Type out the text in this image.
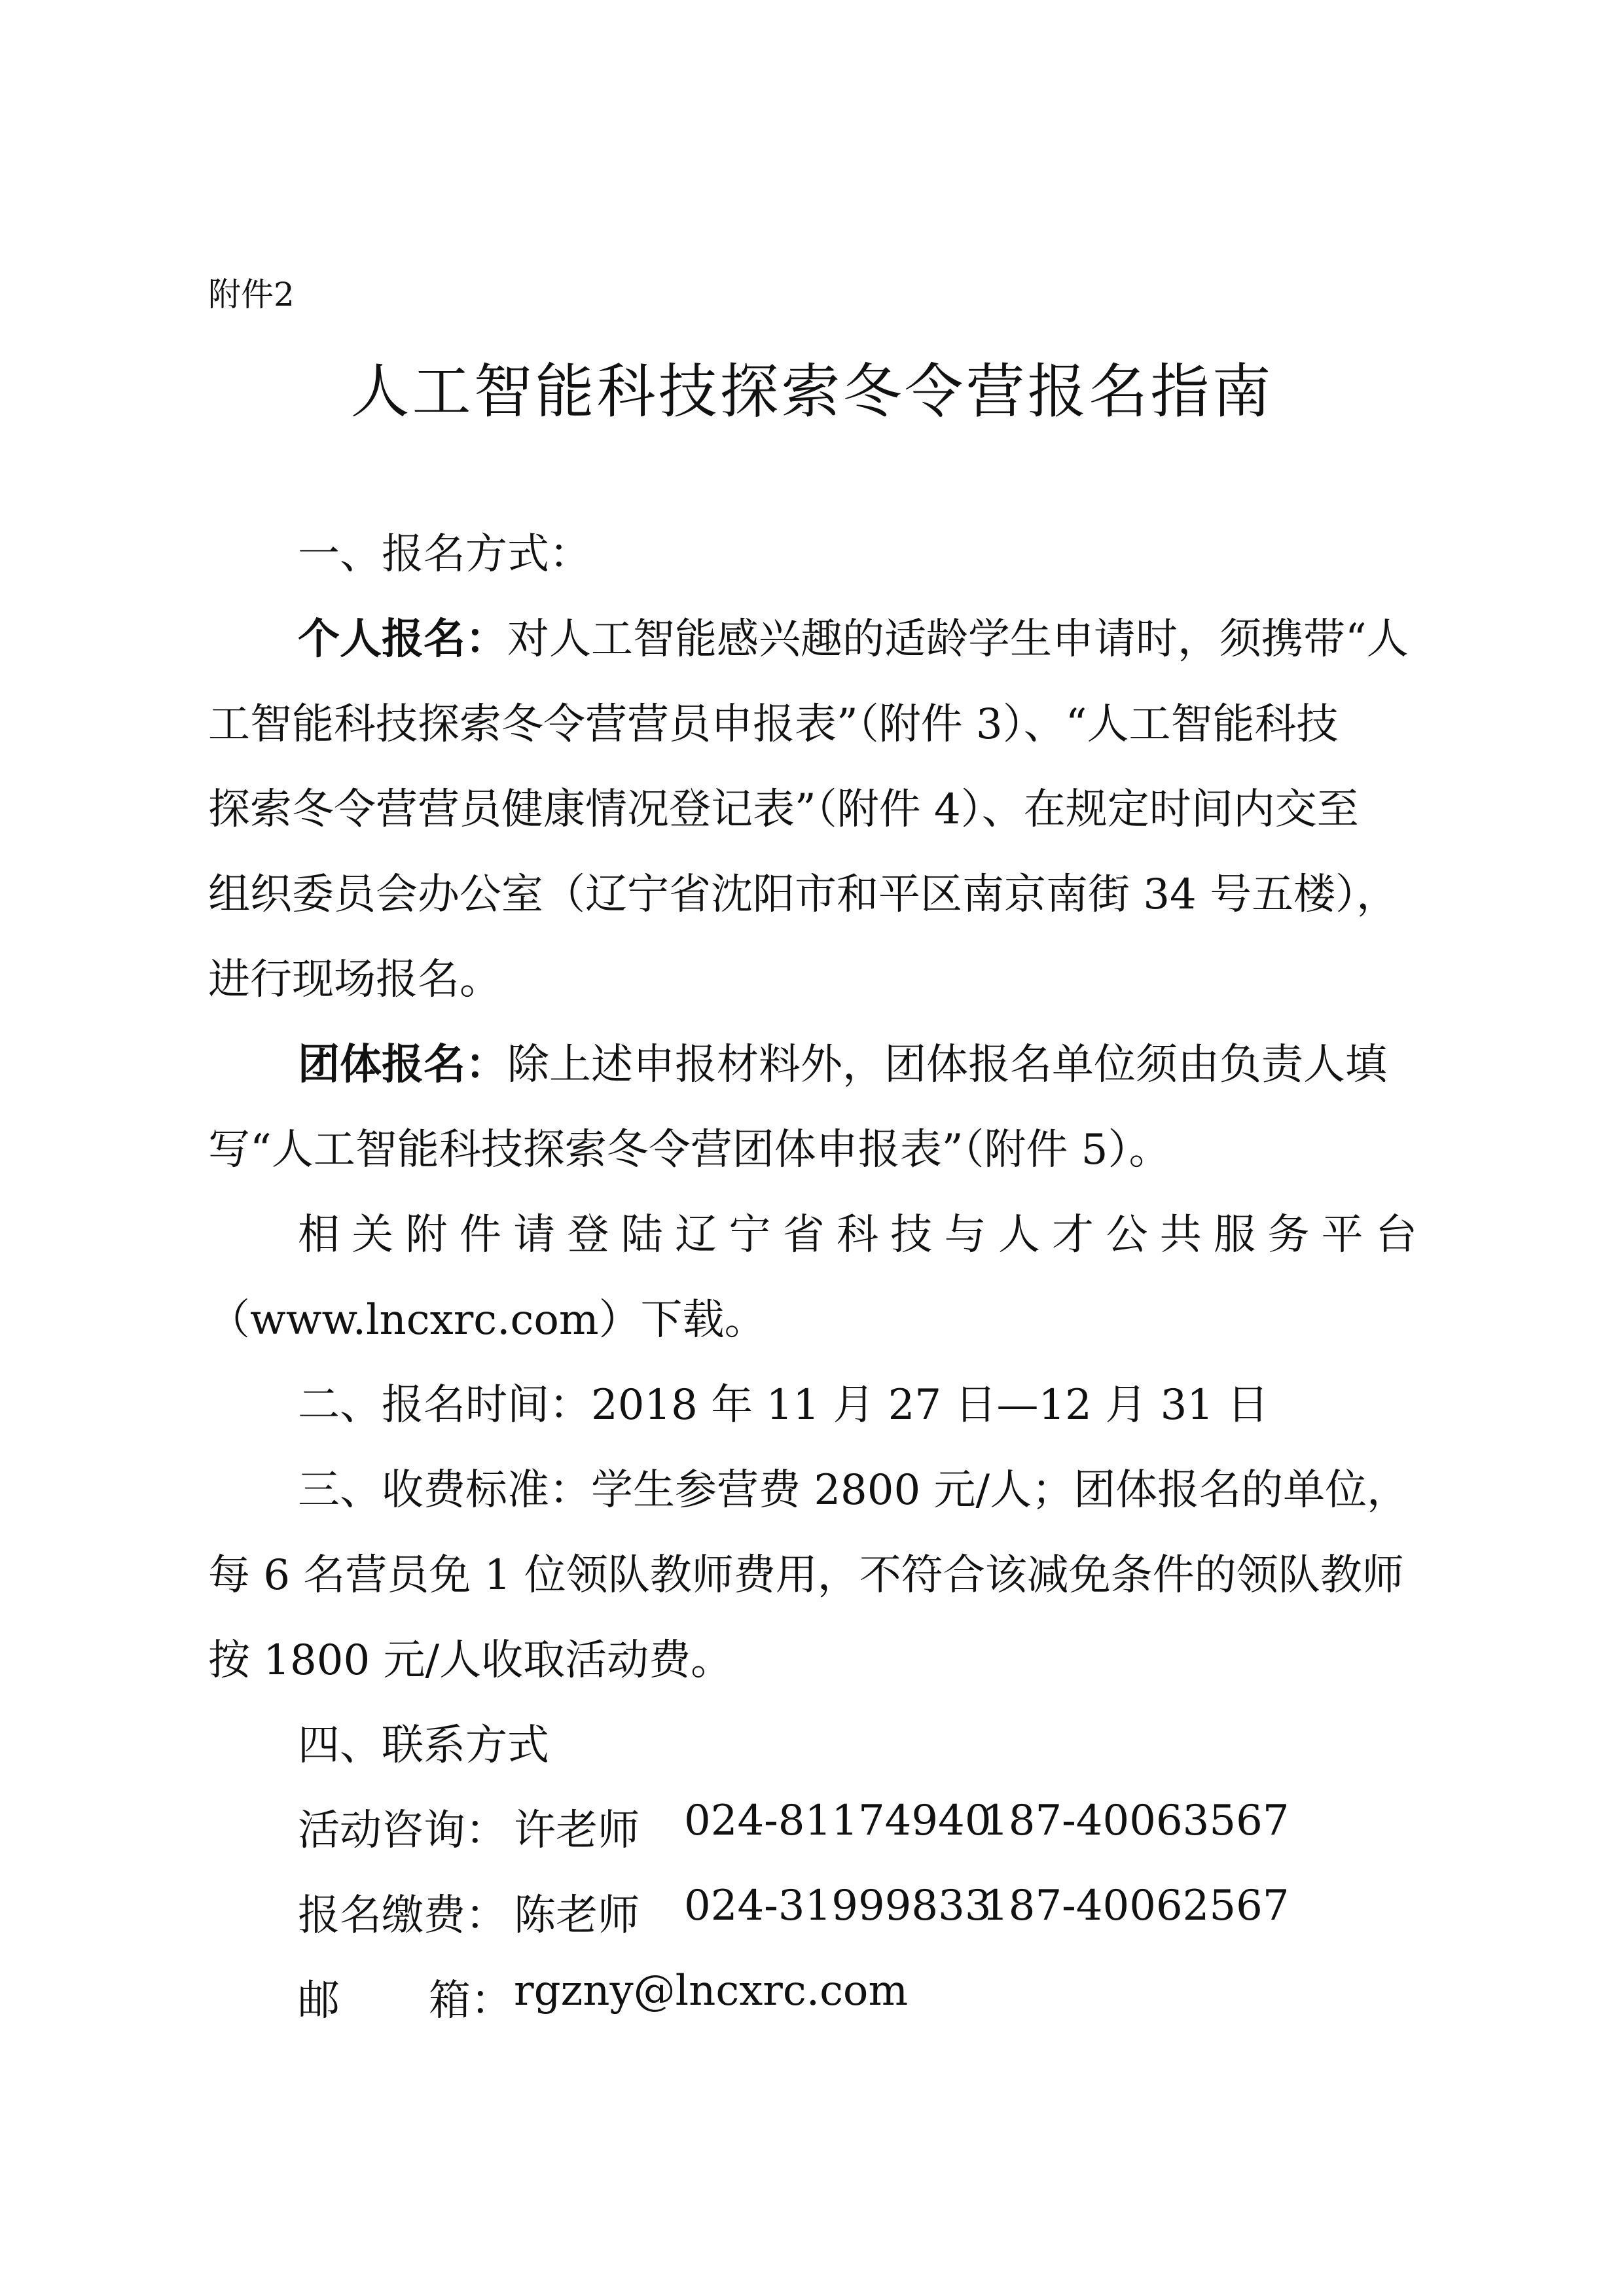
附件2
人工智能科技探索冬令营报名指南
一、报名方式：
个人报名：对人工智能感兴趣的适龄学生申请时，须携带“人
工智能科技探索冬令营营员申报表”（附件 3）、“人工智能科技
探索冬令营营员健康情况登记表”（附件 4）、在规定时间内交至
组织委员会办公室（辽宁省沈阳市和平区南京南街 34 号五楼），
进行现场报名。
团体报名：除上述申报材料外，团体报名单位须由负责人填
写“人工智能科技探索冬令营团体申报表”（附件 5）。
相 关 附 件 请 登 陆 辽 宁 省 科 技 与 人 才 公 共 服 务 平 台
（www.lncxrc.com）下载。
二、报名时间：2018 年 11 月 27 日—12 月 31 日
三、收费标准：学生参营费 2800 元/人；团体报名的单位，
每 6 名营员免 1 位领队教师费用，不符合该减免条件的领队教师
按 1800 元/人收取活动费。
四、联系方式
活动咨询： 许老师 024-81174940
187-40063567
报名缴费： 陈老师 024-31999833
187-40062567
邮 箱： rgzny@lncxrc.com
